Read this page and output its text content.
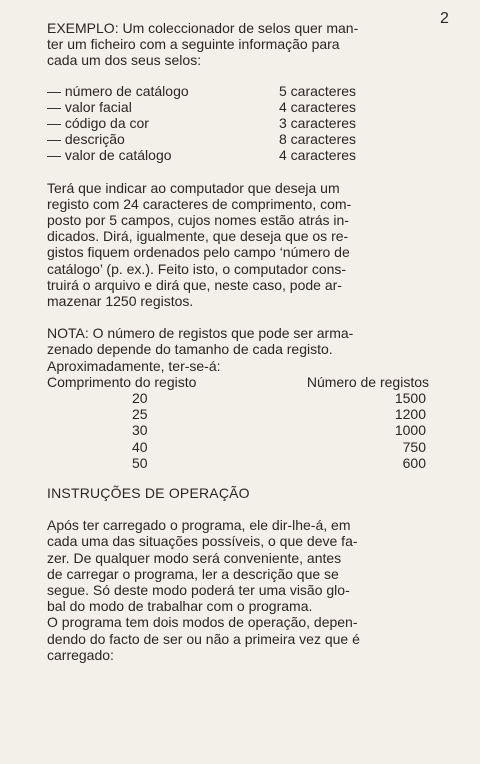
2

EXEMPLO: Um coleccionador de selos quer man-
ter um ficheiro com a seguinte informação para
cada um dos seus selos:

— número de catálogo	5 caracteres
— valor facial	4 caracteres
— código da cor	3 caracteres
— descrição	8 caracteres
— valor de catálogo	4 caracteres

Terá que indicar ao computador que deseja um
registo com 24 caracteres de comprimento, com-
posto por 5 campos, cujos nomes estão atrás in-
dicados. Dirá, igualmente, que deseja que os re-
gistos fiquem ordenados pelo campo ‘número de
catálogo’ (p. ex.). Feito isto, o computador cons-
truirá o arquivo e dirá que, neste caso, pode ar-
mazenar 1250 registos.

NOTA: O número de registos que pode ser arma-
zenado depende do tamanho de cada registo.
Aproximadamente, ter-se-á:

Comprimento do registo	Número de registos
20	1500
25	1200
30	1000
40	750
50	600

INSTRUÇÕES DE OPERAÇÃO

Após ter carregado o programa, ele dir-lhe-á, em
cada uma das situações possíveis, o que deve fa-
zer. De qualquer modo será conveniente, antes
de carregar o programa, ler a descrição que se
segue. Só deste modo poderá ter uma visão glo-
bal do modo de trabalhar com o programa.
O programa tem dois modos de operação, depen-
dendo do facto de ser ou não a primeira vez que é
carregado:
